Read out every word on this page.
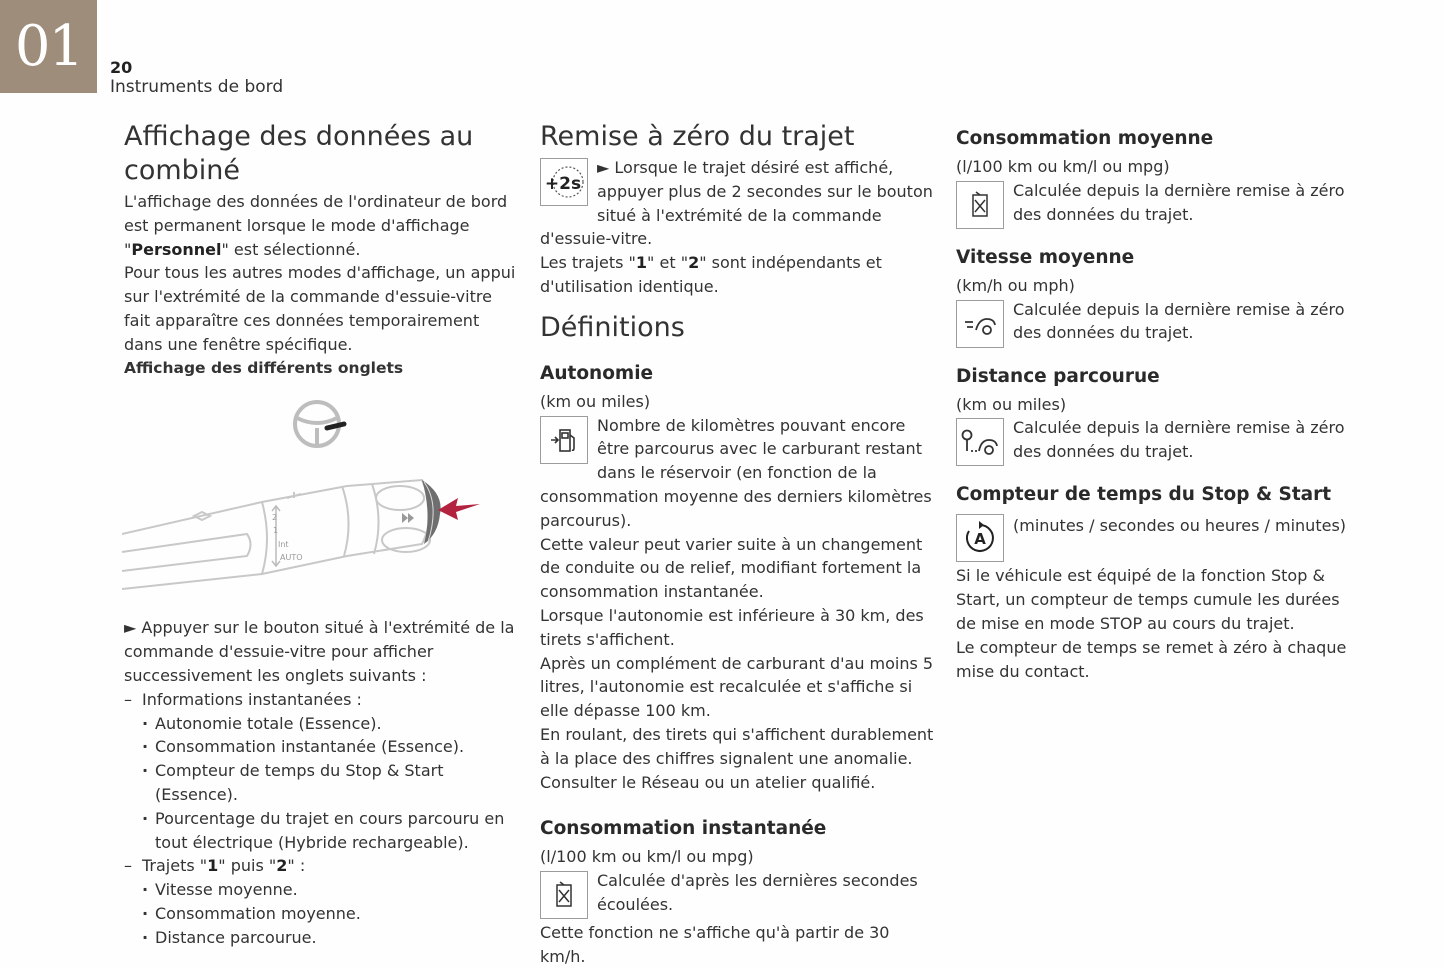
01	20
Instruments de bord
Affichage des données au combiné

L'affichage des données de l'ordinateur de bord est permanent lorsque le mode d'affichage "Personnel" est sélectionné.

Pour tous les autres modes d'affichage, un appui sur l'extrémité de la commande d'essuie-vitre fait apparaître ces données temporairement dans une fenêtre spécifique.

Affichage des différents onglets

2
1
Int
AUTO

► Appuyer sur le bouton situé à l'extrémité de la commande d'essuie-vitre pour afficher successivement les onglets suivants :

– Informations instantanées :
· Autonomie totale (Essence).
· Consommation instantanée (Essence).
· Compteur de temps du Stop & Start (Essence).
· Pourcentage du trajet en cours parcouru en tout électrique (Hybride rechargeable).
– Trajets "1" puis "2" :
· Vitesse moyenne.
· Consommation moyenne.
· Distance parcourue.
Remise à zéro du trajet
+2s

► Lorsque le trajet désiré est affiché, appuyer plus de 2 secondes sur le bouton situé à l'extrémité de la commande d'essuie-vitre.

Les trajets "1" et "2" sont indépendants et d'utilisation identique.

Définitions
Autonomie

(km ou miles)

Nombre de kilomètres pouvant encore être parcourus avec le carburant restant dans le réservoir (en fonction de la consommation moyenne des derniers kilomètres parcourus).

Cette valeur peut varier suite à un changement de conduite ou de relief, modifiant fortement la consommation instantanée.

Lorsque l'autonomie est inférieure à 30 km, des tirets s'affichent.

Après un complément de carburant d'au moins 5 litres, l'autonomie est recalculée et s'affiche si elle dépasse 100 km.

En roulant, des tirets qui s'affichent durablement à la place des chiffres signalent une anomalie.

Consulter le Réseau ou un atelier qualifié.

Consommation instantanée

(l/100 km ou km/l ou mpg)

Calculée d'après les dernières secondes écoulées.

Cette fonction ne s'affiche qu'à partir de 30 km/h.

Consommation moyenne

(l/100 km ou km/l ou mpg)

Calculée depuis la dernière remise à zéro des données du trajet.

Vitesse moyenne

(km/h ou mph)

Calculée depuis la dernière remise à zéro des données du trajet.

Distance parcourue

(km ou miles)

Calculée depuis la dernière remise à zéro des données du trajet.

Compteur de temps du Stop & Start
A

(minutes / secondes ou heures / minutes)

Si le véhicule est équipé de la fonction Stop & Start, un compteur de temps cumule les durées de mise en mode STOP au cours du trajet.

Le compteur de temps se remet à zéro à chaque mise du contact.
